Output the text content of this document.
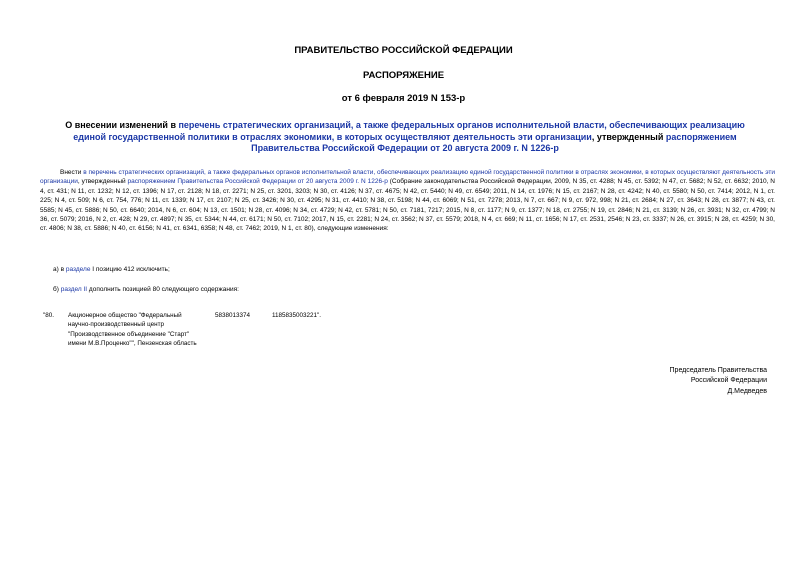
ПРАВИТЕЛЬСТВО РОССИЙСКОЙ ФЕДЕРАЦИИ
РАСПОРЯЖЕНИЕ
от 6 февраля 2019 N 153-р
О внесении изменений в перечень стратегических организаций, а также федеральных органов исполнительной власти, обеспечивающих реализацию единой государственной политики в отраслях экономики, в которых осуществляют деятельность эти организации, утвержденный распоряжением Правительства Российской Федерации от 20 августа 2009 г. N 1226-р
Внести в перечень стратегических организаций, а также федеральных органов исполнительной власти, обеспечивающих реализацию единой государственной политики в отраслях экономики, в которых осуществляют деятельность эти организации, утвержденный распоряжением Правительства Российской Федерации от 20 августа 2009 г. N 1226-р (Собрание законодательства Российской Федерации, 2009, N 35, ст. 4288; N 45, ст. 5392; N 47, ст. 5682; N 52, ст. 6632; 2010, N 4, ст. 431; N 11, ст. 1232; N 12, ст. 1396; N 17, ст. 2128; N 18, ст. 2271; N 25, ст. 3201, 3203; N 30, ст. 4126; N 37, ст. 4675; N 42, ст. 5440; N 49, ст. 6549; 2011, N 14, ст. 1976; N 15, ст. 2167; N 28, ст. 4242; N 40, ст. 5580; N 50, ст. 7414; 2012, N 1, ст. 225; N 4, ст. 509; N 6, ст. 754, 776; N 11, ст. 1339; N 17, ст. 2107; N 25, ст. 3426; N 30, ст. 4295; N 31, ст. 4410; N 38, ст. 5198; N 44, ст. 6069; N 51, ст. 7278; 2013, N 7, ст. 667; N 9, ст. 972, 998; N 21, ст. 2684; N 27, ст. 3643; N 28, ст. 3877; N 43, ст. 5585; N 45, ст. 5886; N 50, ст. 6640; 2014, N 6, ст. 604; N 13, ст. 1501; N 28, ст. 4096; N 34, ст. 4729; N 42, ст. 5781; N 50, ст. 7181, 7217; 2015, N 8, ст. 1177; N 9, ст. 1377; N 18, ст. 2755; N 19, ст. 2846; N 21, ст. 3139; N 26, ст. 3931; N 32, ст. 4799; N 36, ст. 5079; 2016, N 2, ст. 428; N 29, ст. 4897; N 35, ст. 5344; N 44, ст. 6171; N 50, ст. 7102; 2017, N 15, ст. 2281; N 24, ст. 3562; N 37, ст. 5579; 2018, N 4, ст. 669; N 11, ст. 1656; N 17, ст. 2531, 2546; N 23, ст. 3337; N 26, ст. 3915; N 28, ст. 4259; N 30, ст. 4806; N 38, ст. 5886; N 40, ст. 6156; N 41, ст. 6341, 6358; N 48, ст. 7462; 2019, N 1, ст. 80), следующие изменения:
а) в разделе I позицию 412 исключить;
б) раздел II дополнить позицией 80 следующего содержания:
"80.	Акционерное общество "Федеральный
научно-производственный центр
"Производственное объединение "Старт"
имени М.В.Проценко"", Пензенская область
5838013374	1185835003221".
Председатель Правительства
Российской Федерации
Д.Медведев
